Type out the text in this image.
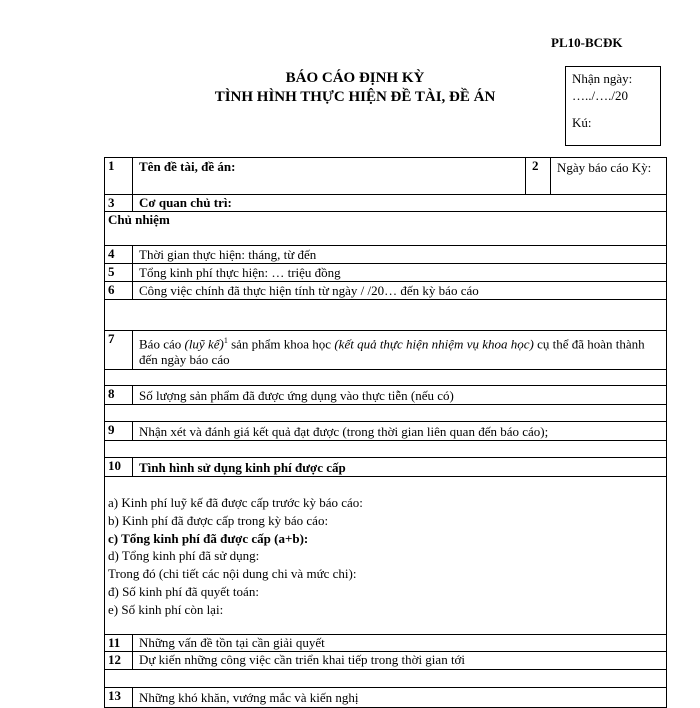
PL10-BCĐK
BÁO CÁO ĐỊNH KỲ
TÌNH HÌNH THỰC HIỆN ĐỀ TÀI, ĐỀ ÁN
Nhận ngày:
…../…./20
Kú:
1	Tên đề tài, đề án:	2	Ngày báo cáo Kỳ:
3	Cơ quan chủ trì:
Chủ nhiệm
4	Thời gian thực hiện: tháng, từ đến
5	Tổng kinh phí thực hiện: … triệu đồng
6	Công việc chính đã thực hiện tính từ ngày / /20… đến kỳ báo cáo
7	Báo cáo (luỹ kế)$^1$ sản phẩm khoa học (kết quả thực hiện nhiệm vụ khoa học) cụ thể đã hoàn thành đến ngày báo cáo
8	Số lượng sản phẩm đã được ứng dụng vào thực tiễn (nếu có)
9	Nhận xét và đánh giá kết quả đạt được (trong thời gian liên quan đến báo cáo);
10	Tình hình sử dụng kinh phí được cấp
a) Kinh phí luỹ kế đã được cấp trước kỳ báo cáo:
b) Kinh phí đã được cấp trong kỳ báo cáo:
c) Tổng kinh phí đã được cấp (a+b):
d) Tổng kinh phí đã sử dụng:
Trong đó (chi tiết các nội dung chi và mức chi):
đ) Số kinh phí đã quyết toán:
e) Số kinh phí còn lại:
11	Những vấn đề tồn tại cần giải quyết
12	Dự kiến những công việc cần triển khai tiếp trong thời gian tới
13	Những khó khăn, vướng mắc và kiến nghị
